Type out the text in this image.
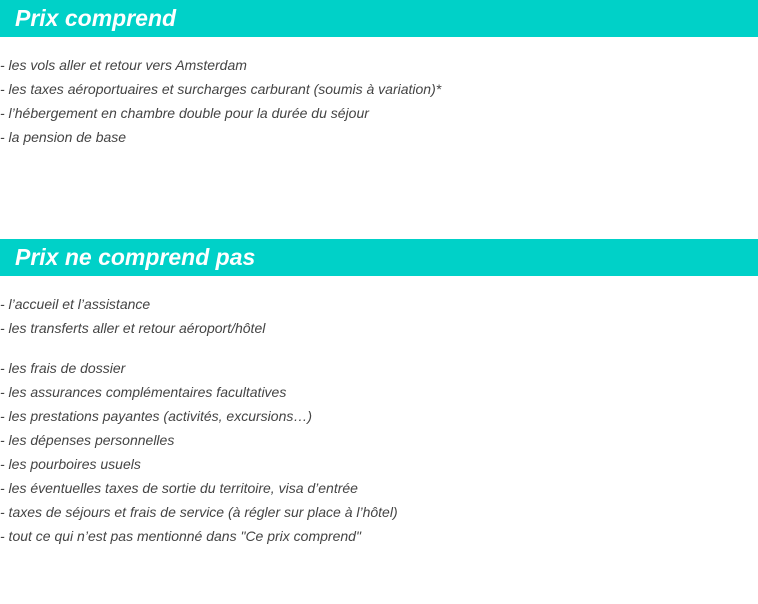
Prix comprend
- les vols aller et retour vers Amsterdam
- les taxes aéroportuaires et surcharges carburant (soumis à variation)*
- l’hébergement en chambre double pour la durée du séjour
- la pension de base
Prix ne comprend pas
- l’accueil et l’assistance
- les transferts aller et retour aéroport/hôtel
- les frais de dossier
- les assurances complémentaires facultatives
- les prestations payantes (activités, excursions…)
- les dépenses personnelles
- les pourboires usuels
- les éventuelles taxes de sortie du territoire, visa d’entrée
- taxes de séjours et frais de service (à régler sur place à l’hôtel)
- tout ce qui n’est pas mentionné dans "Ce prix comprend"
